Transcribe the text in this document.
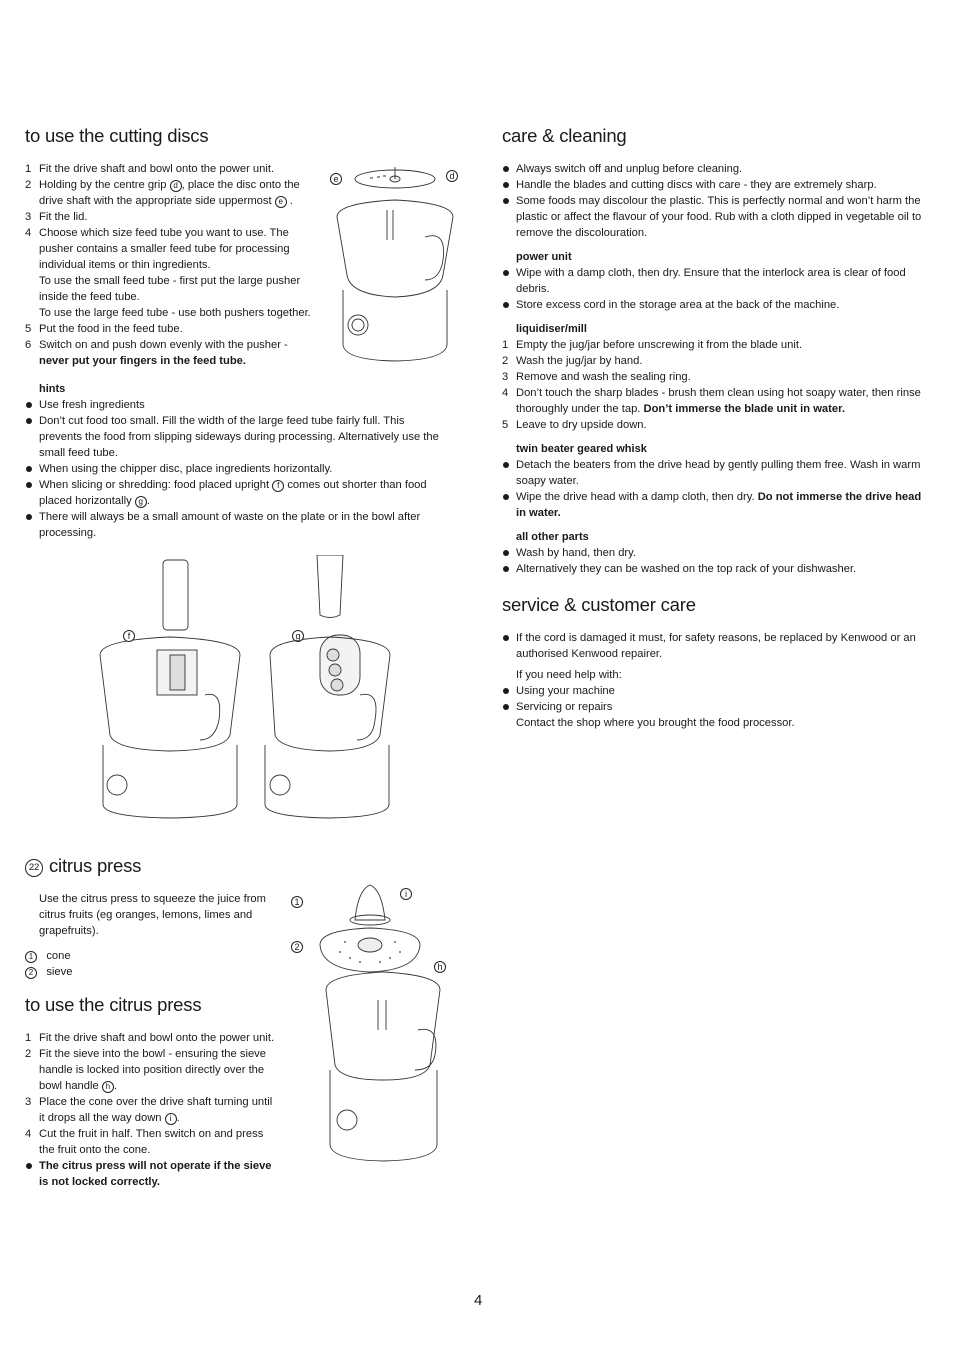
to use the cutting discs
1 Fit the drive shaft and bowl onto the power unit.
2 Holding by the centre grip d , place the disc onto the drive shaft with the appropriate side uppermost e .
3 Fit the lid.
4 Choose which size feed tube you want to use. The pusher contains a smaller feed tube for processing individual items or thin ingredients.
To use the small feed tube - first put the large pusher inside the feed tube.
To use the large feed tube - use both pushers together.
5 Put the food in the feed tube.
6 Switch on and push down evenly with the pusher -
never put your fingers in the feed tube.
hints
Use fresh ingredients
Don’t cut food too small. Fill the width of the large feed tube fairly full. This prevents the food from slipping sideways during processing. Alternatively use the small feed tube.
When using the chipper disc, place ingredients horizontally.
When slicing or shredding: food placed upright f comes out shorter than food placed horizontally g .
There will always be a small amount of waste on the plate or in the bowl after processing.
e	d
f	g
22 citrus press
Use the citrus press to squeeze the juice from citrus fruits (eg oranges, lemons, limes and grapefruits).
1 cone
2 sieve
to use the citrus press
1 Fit the drive shaft and bowl onto the power unit.
2 Fit the sieve into the bowl - ensuring the sieve handle is locked into position directly over the bowl handle h .
3 Place the cone over the drive shaft turning until it drops all the way down i .
4 Cut the fruit in half. Then switch on and press the fruit onto the cone.
The citrus press will not operate if the sieve is not locked correctly.
1
2
i
h
care & cleaning
Always switch off and unplug before cleaning.
Handle the blades and cutting discs with care - they are extremely sharp.
Some foods may discolour the plastic. This is perfectly normal and won’t harm the plastic or affect the flavour of your food. Rub with a cloth dipped in vegetable oil to remove the discolouration.
power unit
Wipe with a damp cloth, then dry. Ensure that the interlock area is clear of food debris.
Store excess cord in the storage area at the back of the machine.
liquidiser/mill
1 Empty the jug/jar before unscrewing it from the blade unit.
2 Wash the jug/jar by hand.
3 Remove and wash the sealing ring.
4 Don’t touch the sharp blades - brush them clean using hot soapy water, then rinse thoroughly under the tap. Don’t immerse the blade unit in water.
5 Leave to dry upside down.
twin beater geared whisk
Detach the beaters from the drive head by gently pulling them free. Wash in warm soapy water.
Wipe the drive head with a damp cloth, then dry. Do not immerse the drive head in water.
all other parts
Wash by hand, then dry.
Alternatively they can be washed on the top rack of your dishwasher.
service & customer care
If the cord is damaged it must, for safety reasons, be replaced by Kenwood or an authorised Kenwood repairer.
If you need help with:
Using your machine
Servicing or repairs
Contact the shop where you brought the food processor.
4
